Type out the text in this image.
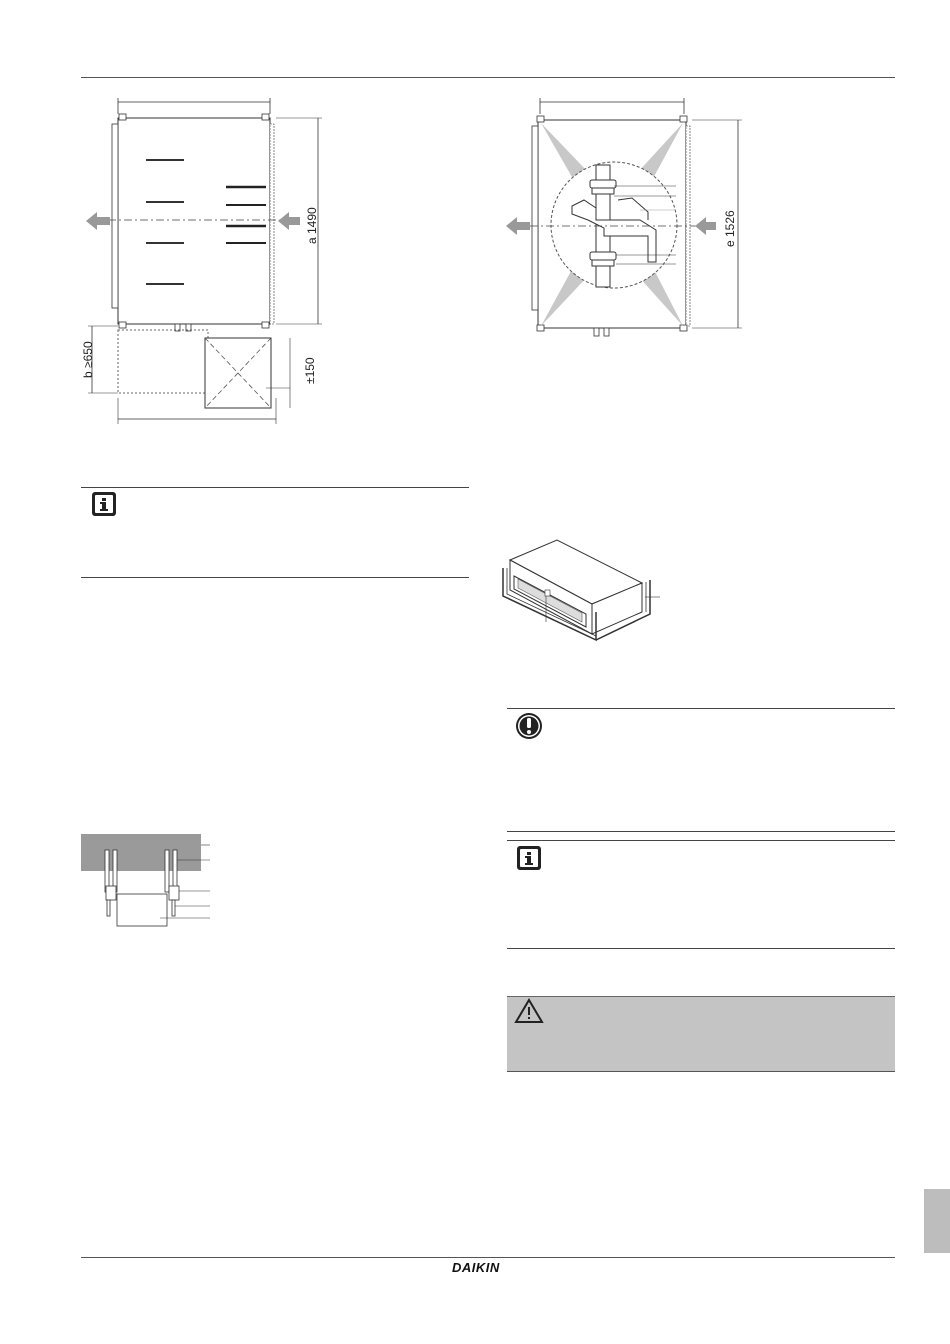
a 1490
b ≥650	±150
e 1526
DAIKIN
